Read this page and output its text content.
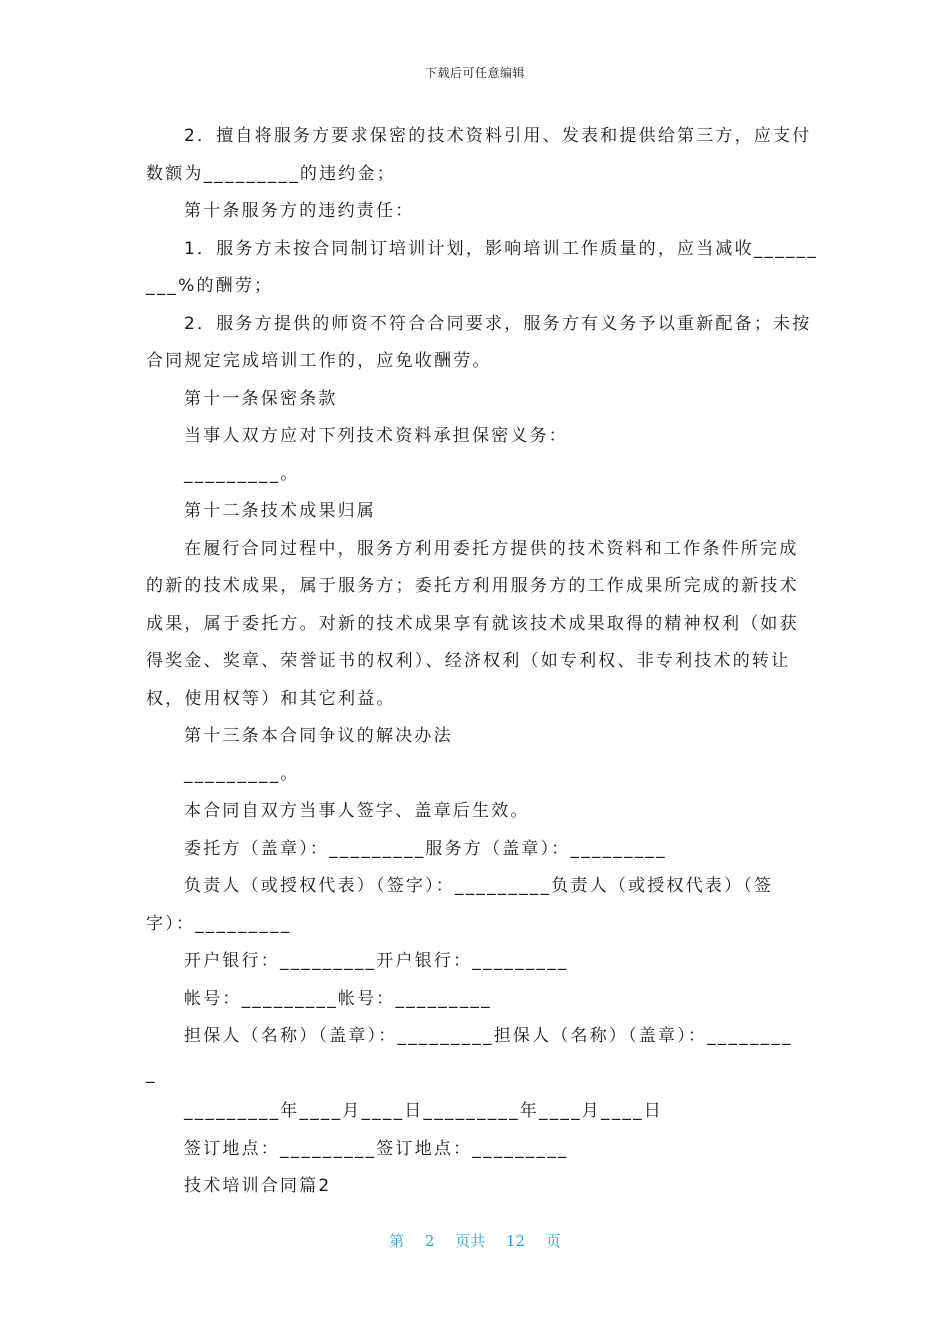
下载后可任意编辑
2．擅自将服务方要求保密的技术资料引用、发表和提供给第三方，应支付
数额为_________的违约金；
第十条服务方的违约责任：
1．服务方未按合同制订培训计划，影响培训工作质量的，应当减收______
___%的酬劳；
2．服务方提供的师资不符合合同要求，服务方有义务予以重新配备；未按
合同规定完成培训工作的，应免收酬劳。
第十一条保密条款
当事人双方应对下列技术资料承担保密义务：
_________。
第十二条技术成果归属
在履行合同过程中，服务方利用委托方提供的技术资料和工作条件所完成
的新的技术成果，属于服务方；委托方利用服务方的工作成果所完成的新技术
成果，属于委托方。对新的技术成果享有就该技术成果取得的精神权利（如获
得奖金、奖章、荣誉证书的权利）、经济权利（如专利权、非专利技术的转让
权，使用权等）和其它利益。
第十三条本合同争议的解决办法
_________。
本合同自双方当事人签字、盖章后生效。
委托方（盖章）：_________服务方（盖章）：_________
负责人（或授权代表）（签字）：_________负责人（或授权代表）（签
字）：_________
开户银行：_________开户银行：_________
帐号：_________帐号：_________
担保人（名称）（盖章）：_________担保人（名称）（盖章）：________
_
_________年____月____日_________年____月____日
签订地点：_________签订地点：_________
技术培训合同篇2
第 2 页共 12 页
